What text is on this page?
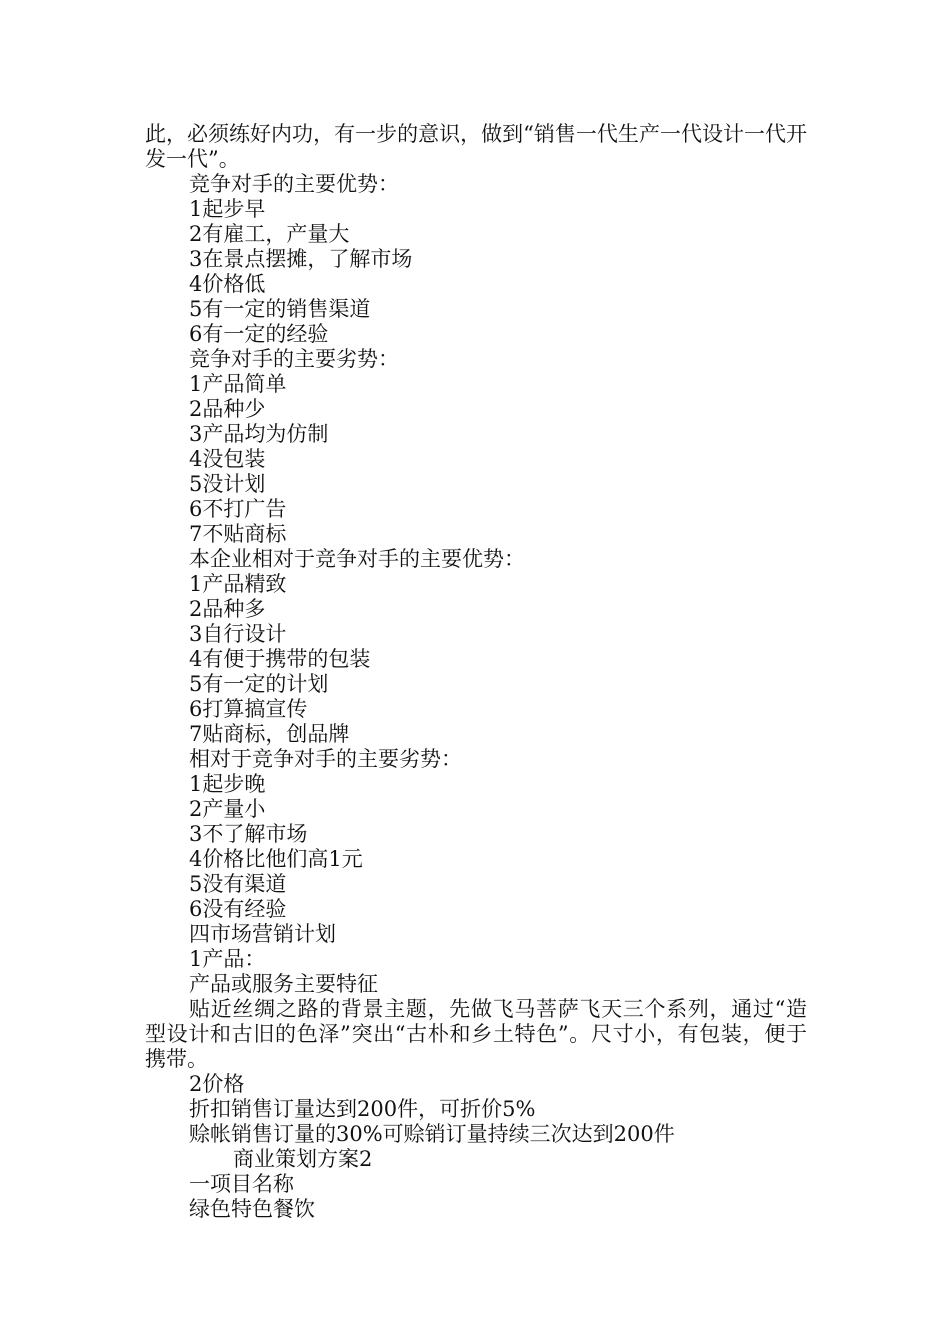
此，必须练好内功，有一步的意识，做到“销售一代生产一代设计一代开发一代”。

竞争对手的主要优势：

1起步早

2有雇工，产量大

3在景点摆摊，了解市场

4价格低

5有一定的销售渠道

6有一定的经验

竞争对手的主要劣势：

1产品简单

2品种少

3产品均为仿制

4没包装

5没计划

6不打广告

7不贴商标

本企业相对于竞争对手的主要优势：

1产品精致

2品种多

3自行设计

4有便于携带的包装

5有一定的计划

6打算搞宣传

7贴商标，创品牌

相对于竞争对手的主要劣势：

1起步晚

2产量小

3不了解市场

4价格比他们高1元

5没有渠道

6没有经验

四市场营销计划

1产品：

产品或服务主要特征

贴近丝绸之路的背景主题，先做飞马菩萨飞天三个系列，通过“造型设计和古旧的色泽”突出“古朴和乡土特色”。尺寸小，有包装，便于携带。

2价格

折扣销售订量达到200件，可折价5%

赊帐销售订量的30%可赊销订量持续三次达到200件

商业策划方案2

一项目名称

绿色特色餐饮
